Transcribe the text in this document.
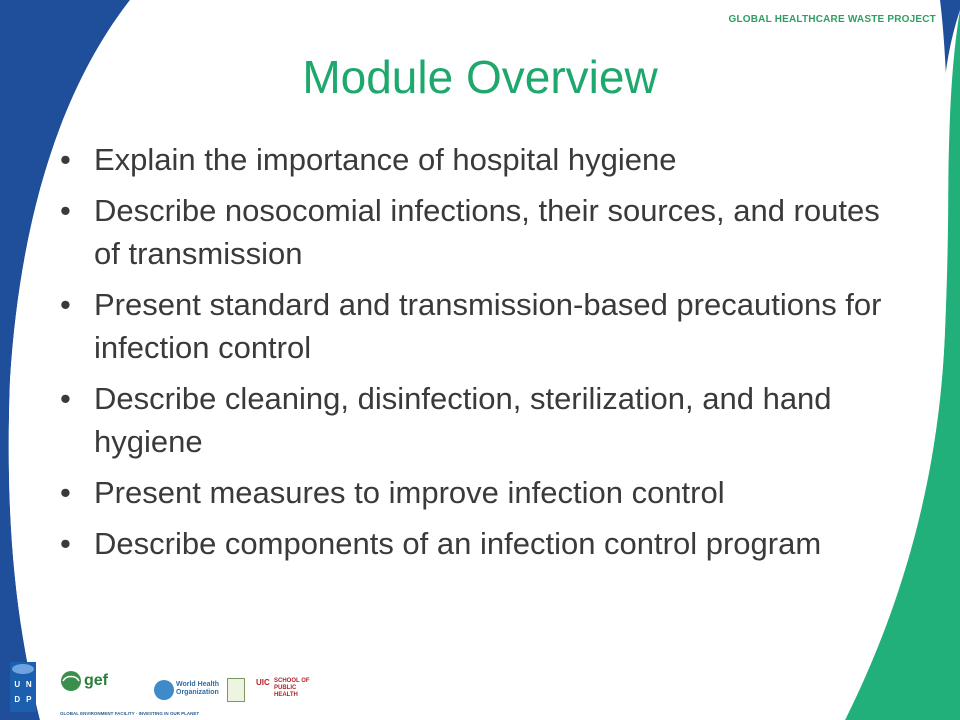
GLOBAL HEALTHCARE WASTE PROJECT
Module Overview
• Explain the importance of hospital hygiene
• Describe nosocomial infections, their sources, and routes of transmission
• Present standard and transmission-based precautions for infection control
• Describe cleaning, disinfection, sterilization, and hand hygiene
• Present measures to improve infection control
• Describe components of an infection control program
U N
D P
gef
GLOBAL ENVIRONMENT FACILITY · INVESTING IN OUR PLANET
World Health Organization
UIC SCHOOL OF PUBLIC HEALTH
